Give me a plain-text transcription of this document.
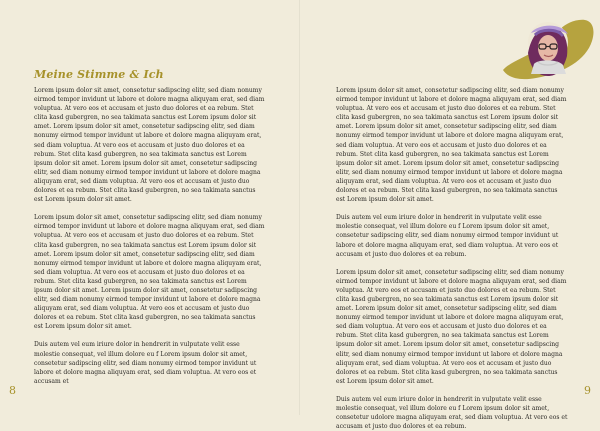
Meine Stimme & Ich

Lorem ipsum dolor sit amet, consetetur sadipscing elitr, sed diam nonumy eirmod tempor invidunt ut labore et dolore magna aliquyam erat, sed diam voluptua. At vero eos et accusam et justo duo dolores et ea rebum. Stet clita kasd gubergren, no sea takimata sanctus est Lorem ipsum dolor sit amet. Lorem ipsum dolor sit amet, consetetur sadipscing elitr, sed diam nonumy eirmod tempor invidunt ut labore et dolore magna aliquyam erat, sed diam voluptua. At vero eos et accusam et justo duo dolores et ea rebum. Stet clita kasd gubergren, no sea takimata sanctus est Lorem ipsum dolor sit amet. Lorem ipsum dolor sit amet, consetetur sadipscing elitr, sed diam nonumy eirmod tempor invidunt ut labore et dolore magna aliquyam erat, sed diam voluptua. At vero eos et accusam et justo duo dolores et ea rebum. Stet clita kasd gubergren, no sea takimata sanctus est Lorem ipsum dolor sit amet.

Lorem ipsum dolor sit amet, consetetur sadipscing elitr, sed diam nonumy eirmod tempor invidunt ut labore et dolore magna aliquyam erat, sed diam voluptua. At vero eos et accusam et justo duo dolores et ea rebum. Stet clita kasd gubergren, no sea takimata sanctus est Lorem ipsum dolor sit amet. Lorem ipsum dolor sit amet, consetetur sadipscing elitr, sed diam nonumy eirmod tempor invidunt ut labore et dolore magna aliquyam erat, sed diam voluptua. At vero eos et accusam et justo duo dolores et ea rebum. Stet clita kasd gubergren, no sea takimata sanctus est Lorem ipsum dolor sit amet. Lorem ipsum dolor sit amet, consetetur sadipscing elitr, sed diam nonumy eirmod tempor invidunt ut labore et dolore magna aliquyam erat, sed diam voluptua. At vero eos et accusam et justo duo dolores et ea rebum. Stet clita kasd gubergren, no sea takimata sanctus est Lorem ipsum dolor sit amet.

Duis autem vel eum iriure dolor in hendrerit in vulputate velit esse molestie consequat, vel illum dolore eu f Lorem ipsum dolor sit amet, consetetur sadipscing elitr, sed diam nonumy eirmod tempor invidunt ut labore et dolore magna aliquyam erat, sed diam voluptua. At vero eos et accusam et

8

Lorem ipsum dolor sit amet, consetetur sadipscing elitr, sed diam nonumy eirmod tempor invidunt ut labore et dolore magna aliquyam erat, sed diam voluptua. At vero eos et accusam et justo duo dolores et ea rebum. Stet clita kasd gubergren, no sea takimata sanctus est Lorem ipsum dolor sit amet. Lorem ipsum dolor sit amet, consetetur sadipscing elitr, sed diam nonumy eirmod tempor invidunt ut labore et dolore magna aliquyam erat, sed diam voluptua. At vero eos et accusam et justo duo dolores et ea rebum. Stet clita kasd gubergren, no sea takimata sanctus est Lorem ipsum dolor sit amet. Lorem ipsum dolor sit amet, consetetur sadipscing elitr, sed diam nonumy eirmod tempor invidunt ut labore et dolore magna aliquyam erat, sed diam voluptua. At vero eos et accusam et justo duo dolores et ea rebum. Stet clita kasd gubergren, no sea takimata sanctus est Lorem ipsum dolor sit amet.

Duis autem vel eum iriure dolor in hendrerit in vulputate velit esse molestie consequat, vel illum dolore eu f Lorem ipsum dolor sit amet, consetetur sadipscing elitr, sed diam nonumy eirmod tempor invidunt ut labore et dolore magna aliquyam erat, sed diam voluptua. At vero eos et accusam et justo duo dolores et ea rebum.

Lorem ipsum dolor sit amet, consetetur sadipscing elitr, sed diam nonumy eirmod tempor invidunt ut labore et dolore magna aliquyam erat, sed diam voluptua. At vero eos et accusam et justo duo dolores et ea rebum. Stet clita kasd gubergren, no sea takimata sanctus est Lorem ipsum dolor sit amet. Lorem ipsum dolor sit amet, consetetur sadipscing elitr, sed diam nonumy eirmod tempor invidunt ut labore et dolore magna aliquyam erat, sed diam voluptua. At vero eos et accusam et justo duo dolores et ea rebum. Stet clita kasd gubergren, no sea takimata sanctus est Lorem ipsum dolor sit amet. Lorem ipsum dolor sit amet, consetetur sadipscing elitr, sed diam nonumy eirmod tempor invidunt ut labore et dolore magna aliquyam erat, sed diam voluptua. At vero eos et accusam et justo duo dolores et ea rebum. Stet clita kasd gubergren, no sea takimata sanctus est Lorem ipsum dolor sit amet.

Duis autem vel eum iriure dolor in hendrerit in vulputate velit esse molestie consequat, vel illum dolore eu f Lorem ipsum dolor sit amet, consetetur udolore magna aliquyam erat, sed diam voluptua. At vero eos et accusam et justo duo dolores et ea rebum.

9
